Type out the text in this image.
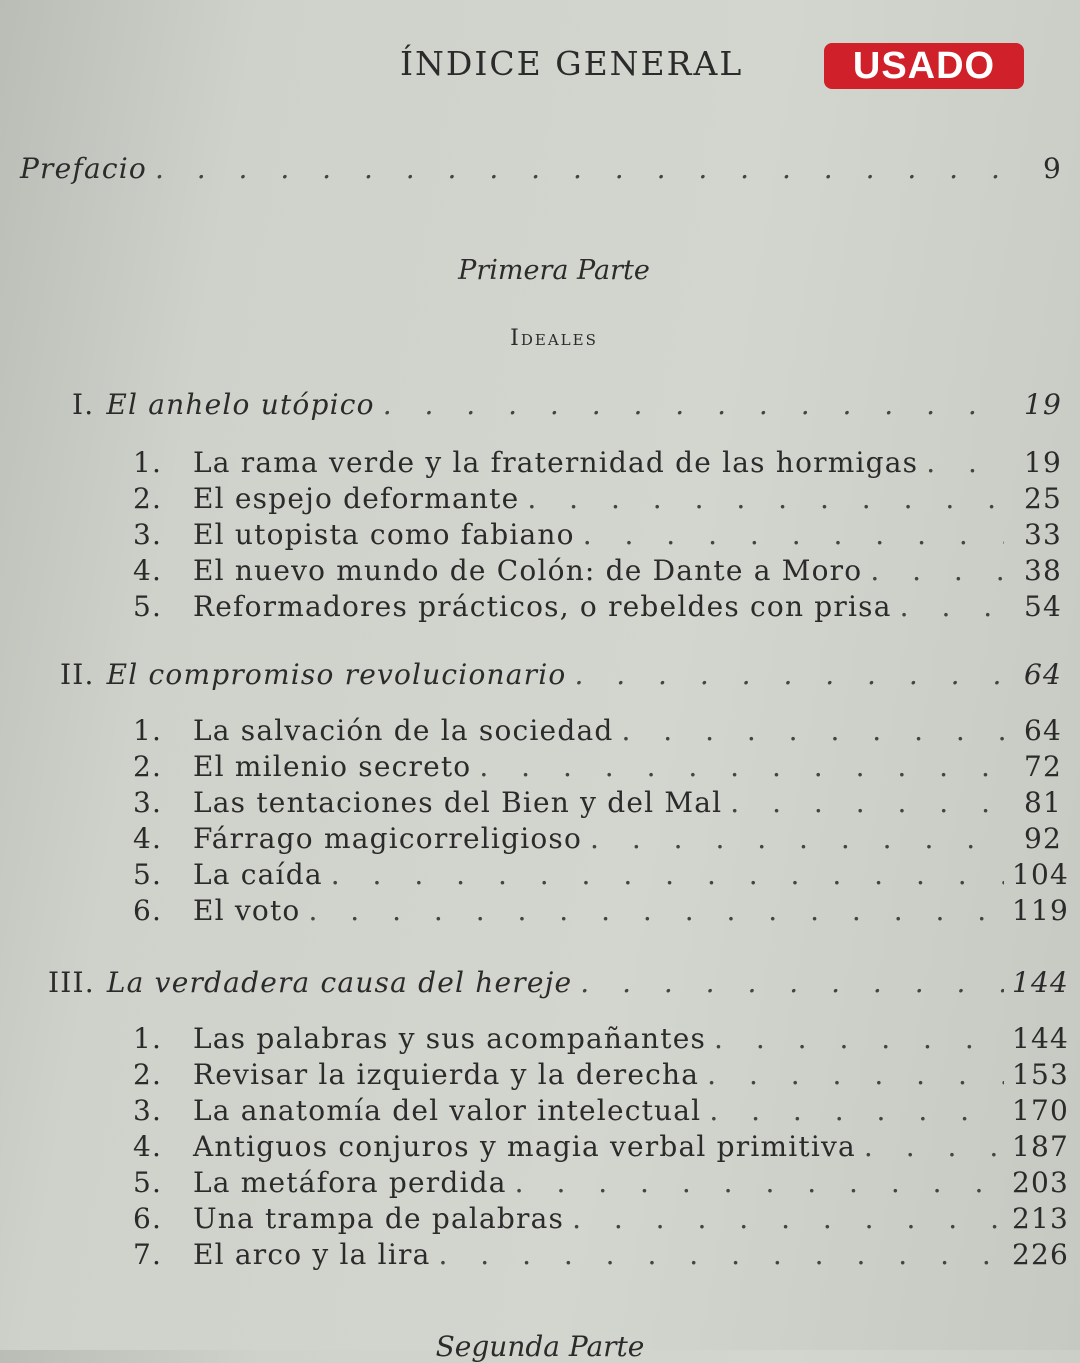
ÍNDICE GENERAL	USADO
Prefacio . . .	9
Primera Parte
Ideales
I. El anhelo utópico . . .	19
1.	La rama verde y la fraternidad de las hormigas . . .	19
2.	El espejo deformante . . .	25
3.	El utopista como fabiano . . .	33
4.	El nuevo mundo de Colón: de Dante a Moro . . .	38
5.	Reformadores prácticos, o rebeldes con prisa . . .	54
II. El compromiso revolucionario . . .	64
1.	La salvación de la sociedad . . .	64
2.	El milenio secreto . . .	72
3.	Las tentaciones del Bien y del Mal . . .	81
4.	Fárrago magicorreligioso . . .	92
5.	La caída . . .	104
6.	El voto . . .	119
III. La verdadera causa del hereje . . .	144
1.	Las palabras y sus acompañantes . . .	144
2.	Revisar la izquierda y la derecha . . .	153
3.	La anatomía del valor intelectual . . .	170
4.	Antiguos conjuros y magia verbal primitiva . . .	187
5.	La metáfora perdida . . .	203
6.	Una trampa de palabras . . .	213
7.	El arco y la lira . . .	226
Segunda Parte
